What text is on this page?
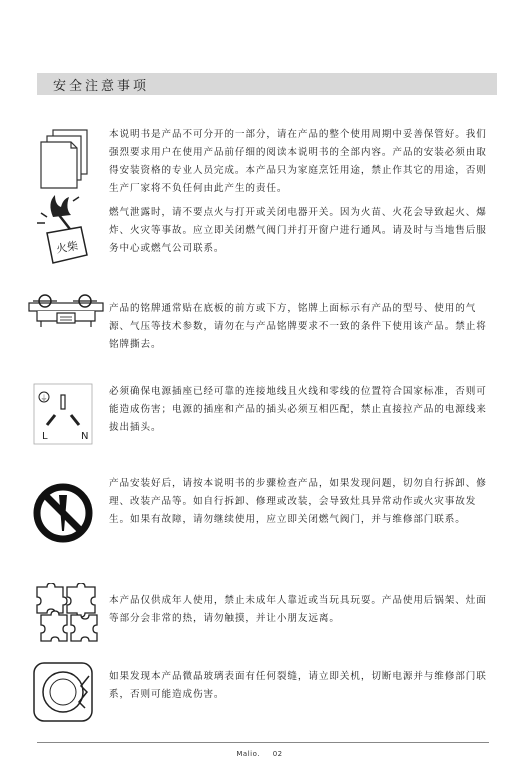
安全注意事项

本说明书是产品不可分开的一部分，请在产品的整个使用周期中妥善保管好。我们强烈要求用户在使用产品前仔细的阅读本说明书的全部内容。产品的安装必须由取得安装资格的专业人员完成。本产品只为家庭烹饪用途，禁止作其它的用途，否则生产厂家将不负任何由此产生的责任。

火柴

燃气泄露时，请不要点火与打开或关闭电器开关。因为火苗、火花会导致起火、爆炸、火灾等事故。应立即关闭燃气阀门并打开窗户进行通风。请及时与当地售后服务中心或燃气公司联系。

产品的铭牌通常贴在底板的前方或下方，铭牌上面标示有产品的型号、使用的气源、气压等技术参数，请勿在与产品铭牌要求不一致的条件下使用该产品。禁止将铭牌撕去。

⏚
L	N

必须确保电源插座已经可靠的连接地线且火线和零线的位置符合国家标准，否则可能造成伤害；电源的插座和产品的插头必须互相匹配，禁止直接拉产品的电源线来拔出插头。

产品安装好后，请按本说明书的步骤检查产品，如果发现问题，切勿自行拆卸、修理、改装产品等。如自行拆卸、修理或改装，会导致灶具异常动作或火灾事故发生。如果有故障，请勿继续使用，应立即关闭燃气阀门，并与维修部门联系。

本产品仅供成年人使用，禁止未成年人靠近或当玩具玩耍。产品使用后锅架、灶面等部分会非常的热，请勿触摸，并让小朋友远离。

如果发现本产品微晶玻璃表面有任何裂缝，请立即关机，切断电源并与维修部门联系，否则可能造成伤害。

Malio. 02
